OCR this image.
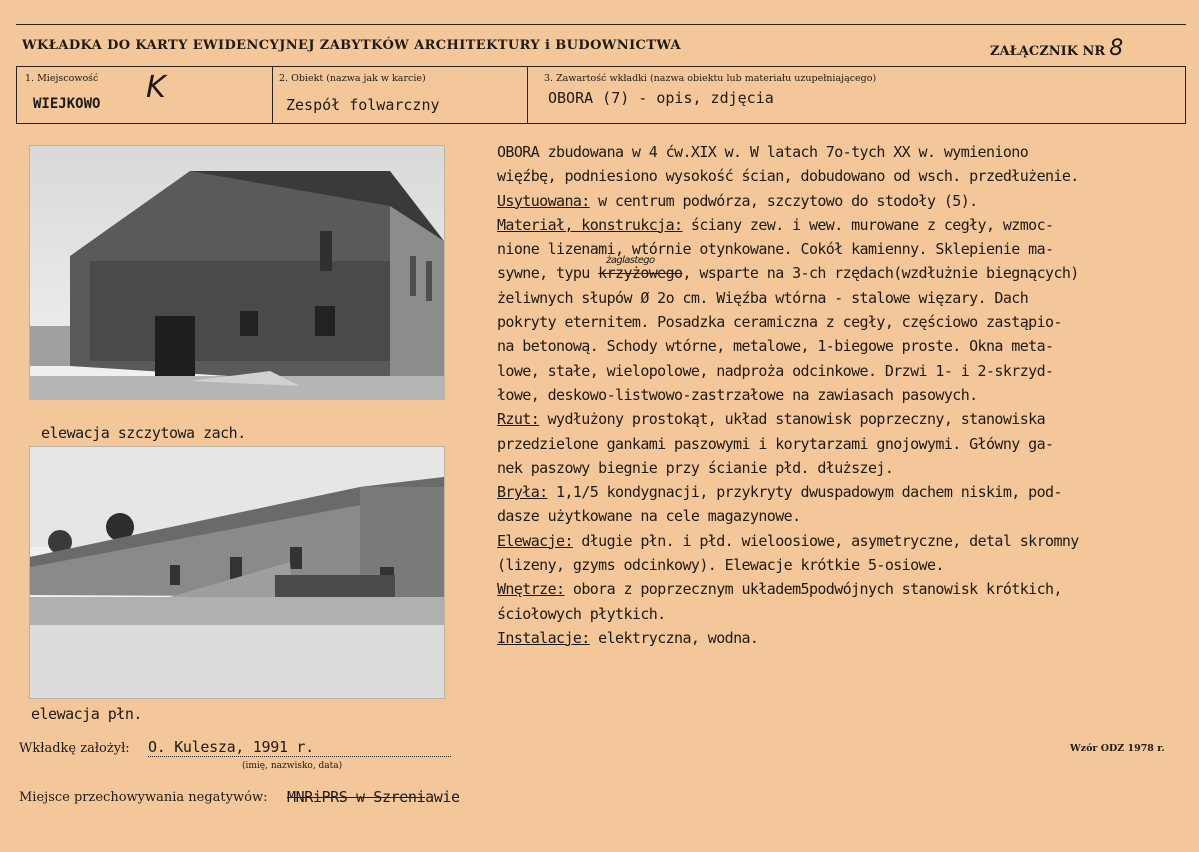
WKŁADKA DO KARTY EWIDENCYJNEJ ZABYTKÓW ARCHITEKTURY i BUDOWNICTWA	ZAŁĄCZNIK NR 8
1. Miejscowość
WIEJKOWO K	2. Obiekt (nazwa jak w karcie)
Zespół folwarczny
3. Zawartość wkładki (nazwa obiektu lub materiału uzupełniającego)
OBORA (7) - opis, zdjęcia
elewacja szczytowa zach.
elewacja płn.

OBORA zbudowana w 4 ćw.XIX w. W latach 7o-tych XX w. wymieniono

więźbę, podniesiono wysokość ścian, dobudowano od wsch. przedłużenie.

Usytuowana: w centrum podwórza, szczytowo do stodoły (5).

Materiał, konstrukcja: ściany zew. i wew. murowane z cegły, wzmoc-

nione lizenami, wtórnie otynkowane. Cokół kamienny. Sklepienie ma-

sywne, typu
żaglastego
krzyżowego, wsparte na 3-ch rzędach(wzdłużnie biegnących)

żeliwnych słupów Ø 2o cm. Więźba wtórna - stalowe więzary. Dach

pokryty eternitem. Posadzka ceramiczna z cegły, częściowo zastąpio-

na betonową. Schody wtórne, metalowe, 1-biegowe proste. Okna meta-

lowe, stałe, wielopolowe, nadproża odcinkowe. Drzwi 1- i 2-skrzyd-

łowe, deskowo-listwowo-zastrzałowe na zawiasach pasowych.

Rzut: wydłużony prostokąt, układ stanowisk poprzeczny, stanowiska

przedzielone gankami paszowymi i korytarzami gnojowymi. Główny ga-

nek paszowy biegnie przy ścianie płd. dłuższej.

Bryła: 1,1/5 kondygnacji, przykryty dwuspadowym dachem niskim, pod-

dasze użytkowane na cele magazynowe.

Elewacje: długie płn. i płd. wieloosiowe, asymetryczne, detal skromny

(lizeny, gzyms odcinkowy). Elewacje krótkie 5-osiowe.

Wnętrze: obora z poprzecznym układem5podwójnych stanowisk krótkich,

ściołowych płytkich.

Instalacje: elektryczna, wodna.

Wkładkę założył: O. Kulesza, 1991 r.
(imię, nazwisko, data)
Wzór ODZ 1978 r.
Miejsce przechowywania negatywów: MNRiPRS w Szreniawie
